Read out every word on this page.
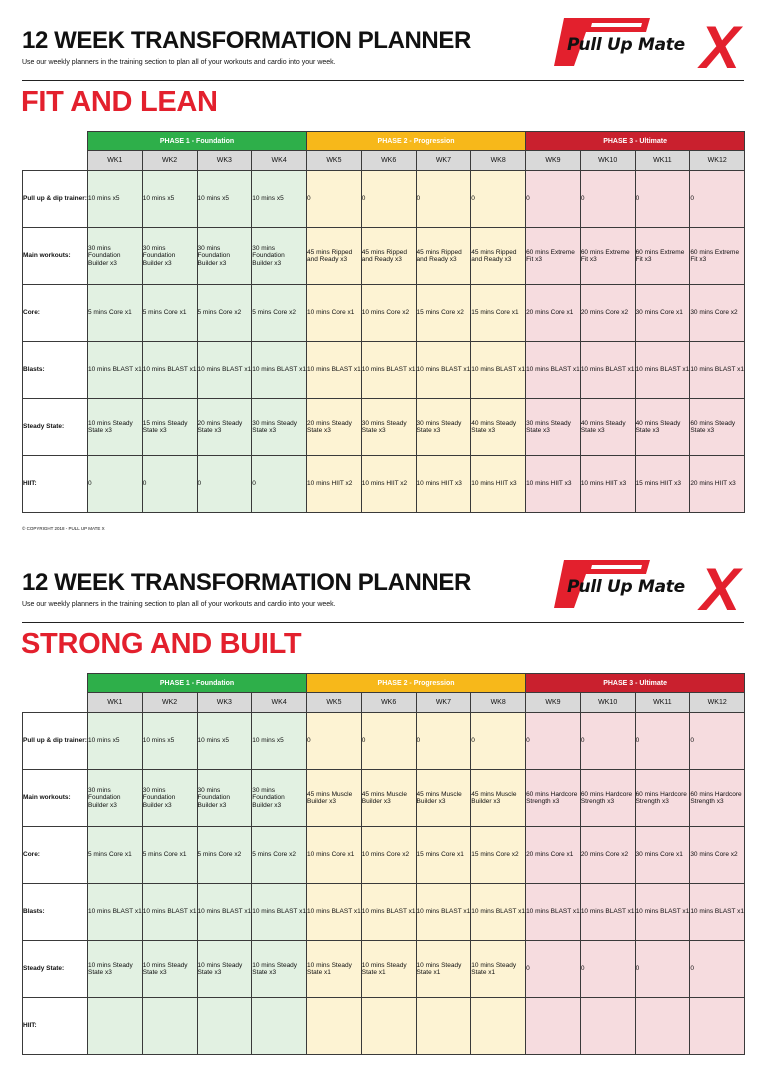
12 WEEK TRANSFORMATION PLANNER
Use our weekly planners in the training section to plan all of your workouts and cardio into your week.
FIT AND LEAN
Pull Up Mate X
	PHASE 1 - Foundation				PHASE 2 - Progression				PHASE 3 - Ultimate			
	WK1	WK2	WK3	WK4	WK5	WK6	WK7	WK8	WK9	WK10	WK11	WK12
Pull up & dip trainer:	10 mins x5	10 mins x5	10 mins x5	10 mins x5	0	0	0	0	0	0	0	0
Main workouts:	30 mins Foundation Builder x3	30 mins Foundation Builder x3	30 mins Foundation Builder x3	30 mins Foundation Builder x3	45 mins Ripped and Ready x3	45 mins Ripped and Ready x3	45 mins Ripped and Ready x3	45 mins Ripped and Ready x3	60 mins Extreme Fit x3	60 mins Extreme Fit x3	60 mins Extreme Fit x3	60 mins Extreme Fit x3
Core:	5 mins Core x1	5 mins Core x1	5 mins Core x2	5 mins Core x2	10 mins Core x1	10 mins Core x2	15 mins Core x2	15 mins Core x1	20 mins Core x1	20 mins Core x2	30 mins Core x1	30 mins Core x2
Blasts:	10 mins BLAST x1	10 mins BLAST x1	10 mins BLAST x1	10 mins BLAST x1	10 mins BLAST x1	10 mins BLAST x1	10 mins BLAST x1	10 mins BLAST x1	10 mins BLAST x1	10 mins BLAST x1	10 mins BLAST x1	10 mins BLAST x1
Steady State:	10 mins Steady State x3	15 mins Steady State x3	20 mins Steady State x3	30 mins Steady State x3	20 mins Steady State x3	30 mins Steady State x3	30 mins Steady State x3	40 mins Steady State x3	30 mins Steady State x3	40 mins Steady State x3	40 mins Steady State x3	60 mins Steady State x3
HIIT:	0	0	0	0	10 mins HIIT x2	10 mins HIIT x2	10 mins HIIT x3	10 mins HIIT x3	10 mins HIIT x3	10 mins HIIT x3	15 mins HIIT x3	20 mins HIIT x3
© COPYRIGHT 2018 - PULL UP MATE X
12 WEEK TRANSFORMATION PLANNER
Use our weekly planners in the training section to plan all of your workouts and cardio into your week.
STRONG AND BUILT
Pull Up Mate X
	PHASE 1 - Foundation				PHASE 2 - Progression				PHASE 3 - Ultimate			
	WK1	WK2	WK3	WK4	WK5	WK6	WK7	WK8	WK9	WK10	WK11	WK12
Pull up & dip trainer:	10 mins x5	10 mins x5	10 mins x5	10 mins x5	0	0	0	0	0	0	0	0
Main workouts:	30 mins Foundation Builder x3	30 mins Foundation Builder x3	30 mins Foundation Builder x3	30 mins Foundation Builder x3	45 mins Muscle Builder x3	45 mins Muscle Builder x3	45 mins Muscle Builder x3	45 mins Muscle Builder x3	60 mins Hardcore Strength x3	60 mins Hardcore Strength x3	60 mins Hardcore Strength x3	60 mins Hardcore Strength x3
Core:	5 mins Core x1	5 mins Core x1	5 mins Core x2	5 mins Core x2	10 mins Core x1	10 mins Core x2	15 mins Core x1	15 mins Core x2	20 mins Core x1	20 mins Core x2	30 mins Core x1	30 mins Core x2
Blasts:	10 mins BLAST x1	10 mins BLAST x1	10 mins BLAST x1	10 mins BLAST x1	10 mins BLAST x1	10 mins BLAST x1	10 mins BLAST x1	10 mins BLAST x1	10 mins BLAST x1	10 mins BLAST x1	10 mins BLAST x1	10 mins BLAST x1
Steady State:	10 mins Steady State x3	10 mins Steady State x3	10 mins Steady State x3	10 mins Steady State x3	10 mins Steady State x1	10 mins Steady State x1	10 mins Steady State x1	10 mins Steady State x1	0	0	0	0
HIIT:												
